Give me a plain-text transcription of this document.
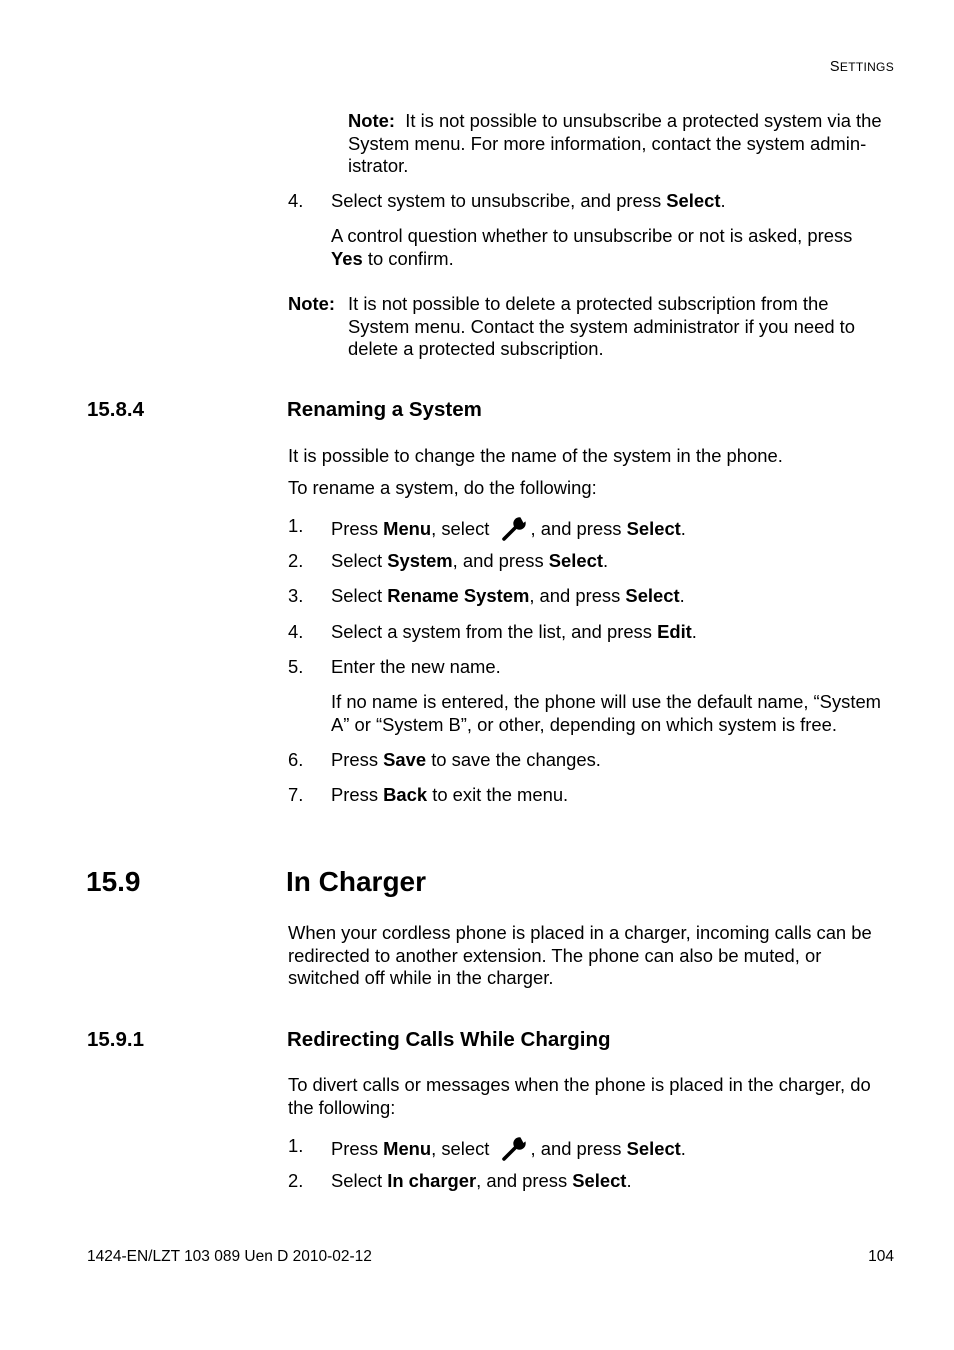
SETTINGS
Note: It is not possible to unsubscribe a protected system via the
System menu. For more information, contact the system admin-
istrator.
4.	Select system to unsubscribe, and press Select.
A control question whether to unsubscribe or not is asked, press
Yes to confirm.
Note: It is not possible to delete a protected subscription from the
System menu. Contact the system administrator if you need to
delete a protected subscription.
15.8.4	Renaming a System
It is possible to change the name of the system in the phone.
To rename a system, do the following:
1.	Press Menu, select , and press Select.
2.	Select System, and press Select.
3.	Select Rename System, and press Select.
4.	Select a system from the list, and press Edit.
5.	Enter the new name.
If no name is entered, the phone will use the default name, “System
A” or “System B”, or other, depending on which system is free.
6.	Press Save to save the changes.
7.	Press Back to exit the menu.
15.9	In Charger
When your cordless phone is placed in a charger, incoming calls can be
redirected to another extension. The phone can also be muted, or
switched off while in the charger.
15.9.1	Redirecting Calls While Charging
To divert calls or messages when the phone is placed in the charger, do
the following:
1.	Press Menu, select , and press Select.
2.	Select In charger, and press Select.
1424-EN/LZT 103 089 Uen D 2010-02-12	104
